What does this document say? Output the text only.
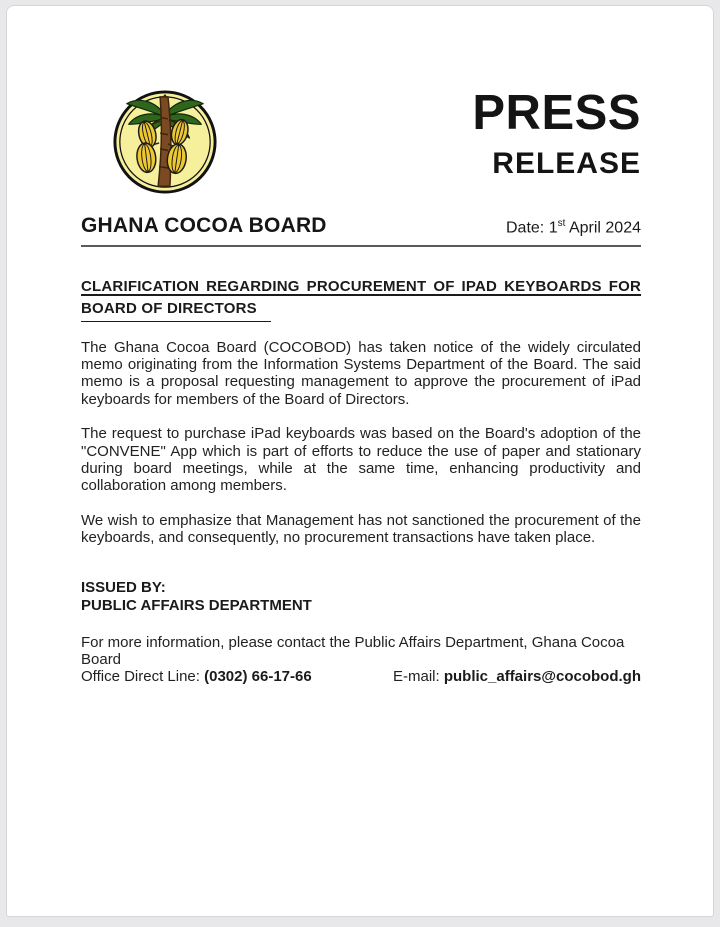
PRESS
RELEASE
GHANA COCOA BOARD	Date: 1st April 2024
CLARIFICATION REGARDING PROCUREMENT OF IPAD KEYBOARDS FOR
BOARD OF DIRECTORS

The Ghana Cocoa Board (COCOBOD) has taken notice of the widely circulated memo originating from the Information Systems Department of the Board. The said memo is a proposal requesting management to approve the procurement of iPad keyboards for members of the Board of Directors.

The request to purchase iPad keyboards was based on the Board's adoption of the "CONVENE" App which is part of efforts to reduce the use of paper and stationary during board meetings, while at the same time, enhancing productivity and collaboration among members.

We wish to emphasize that Management has not sanctioned the procurement of the keyboards, and consequently, no procurement transactions have taken place.

ISSUED BY:
PUBLIC AFFAIRS DEPARTMENT
For more information, please contact the Public Affairs Department, Ghana Cocoa Board
Office Direct Line: (0302) 66-17-66	E-mail: public_affairs@cocobod.gh
